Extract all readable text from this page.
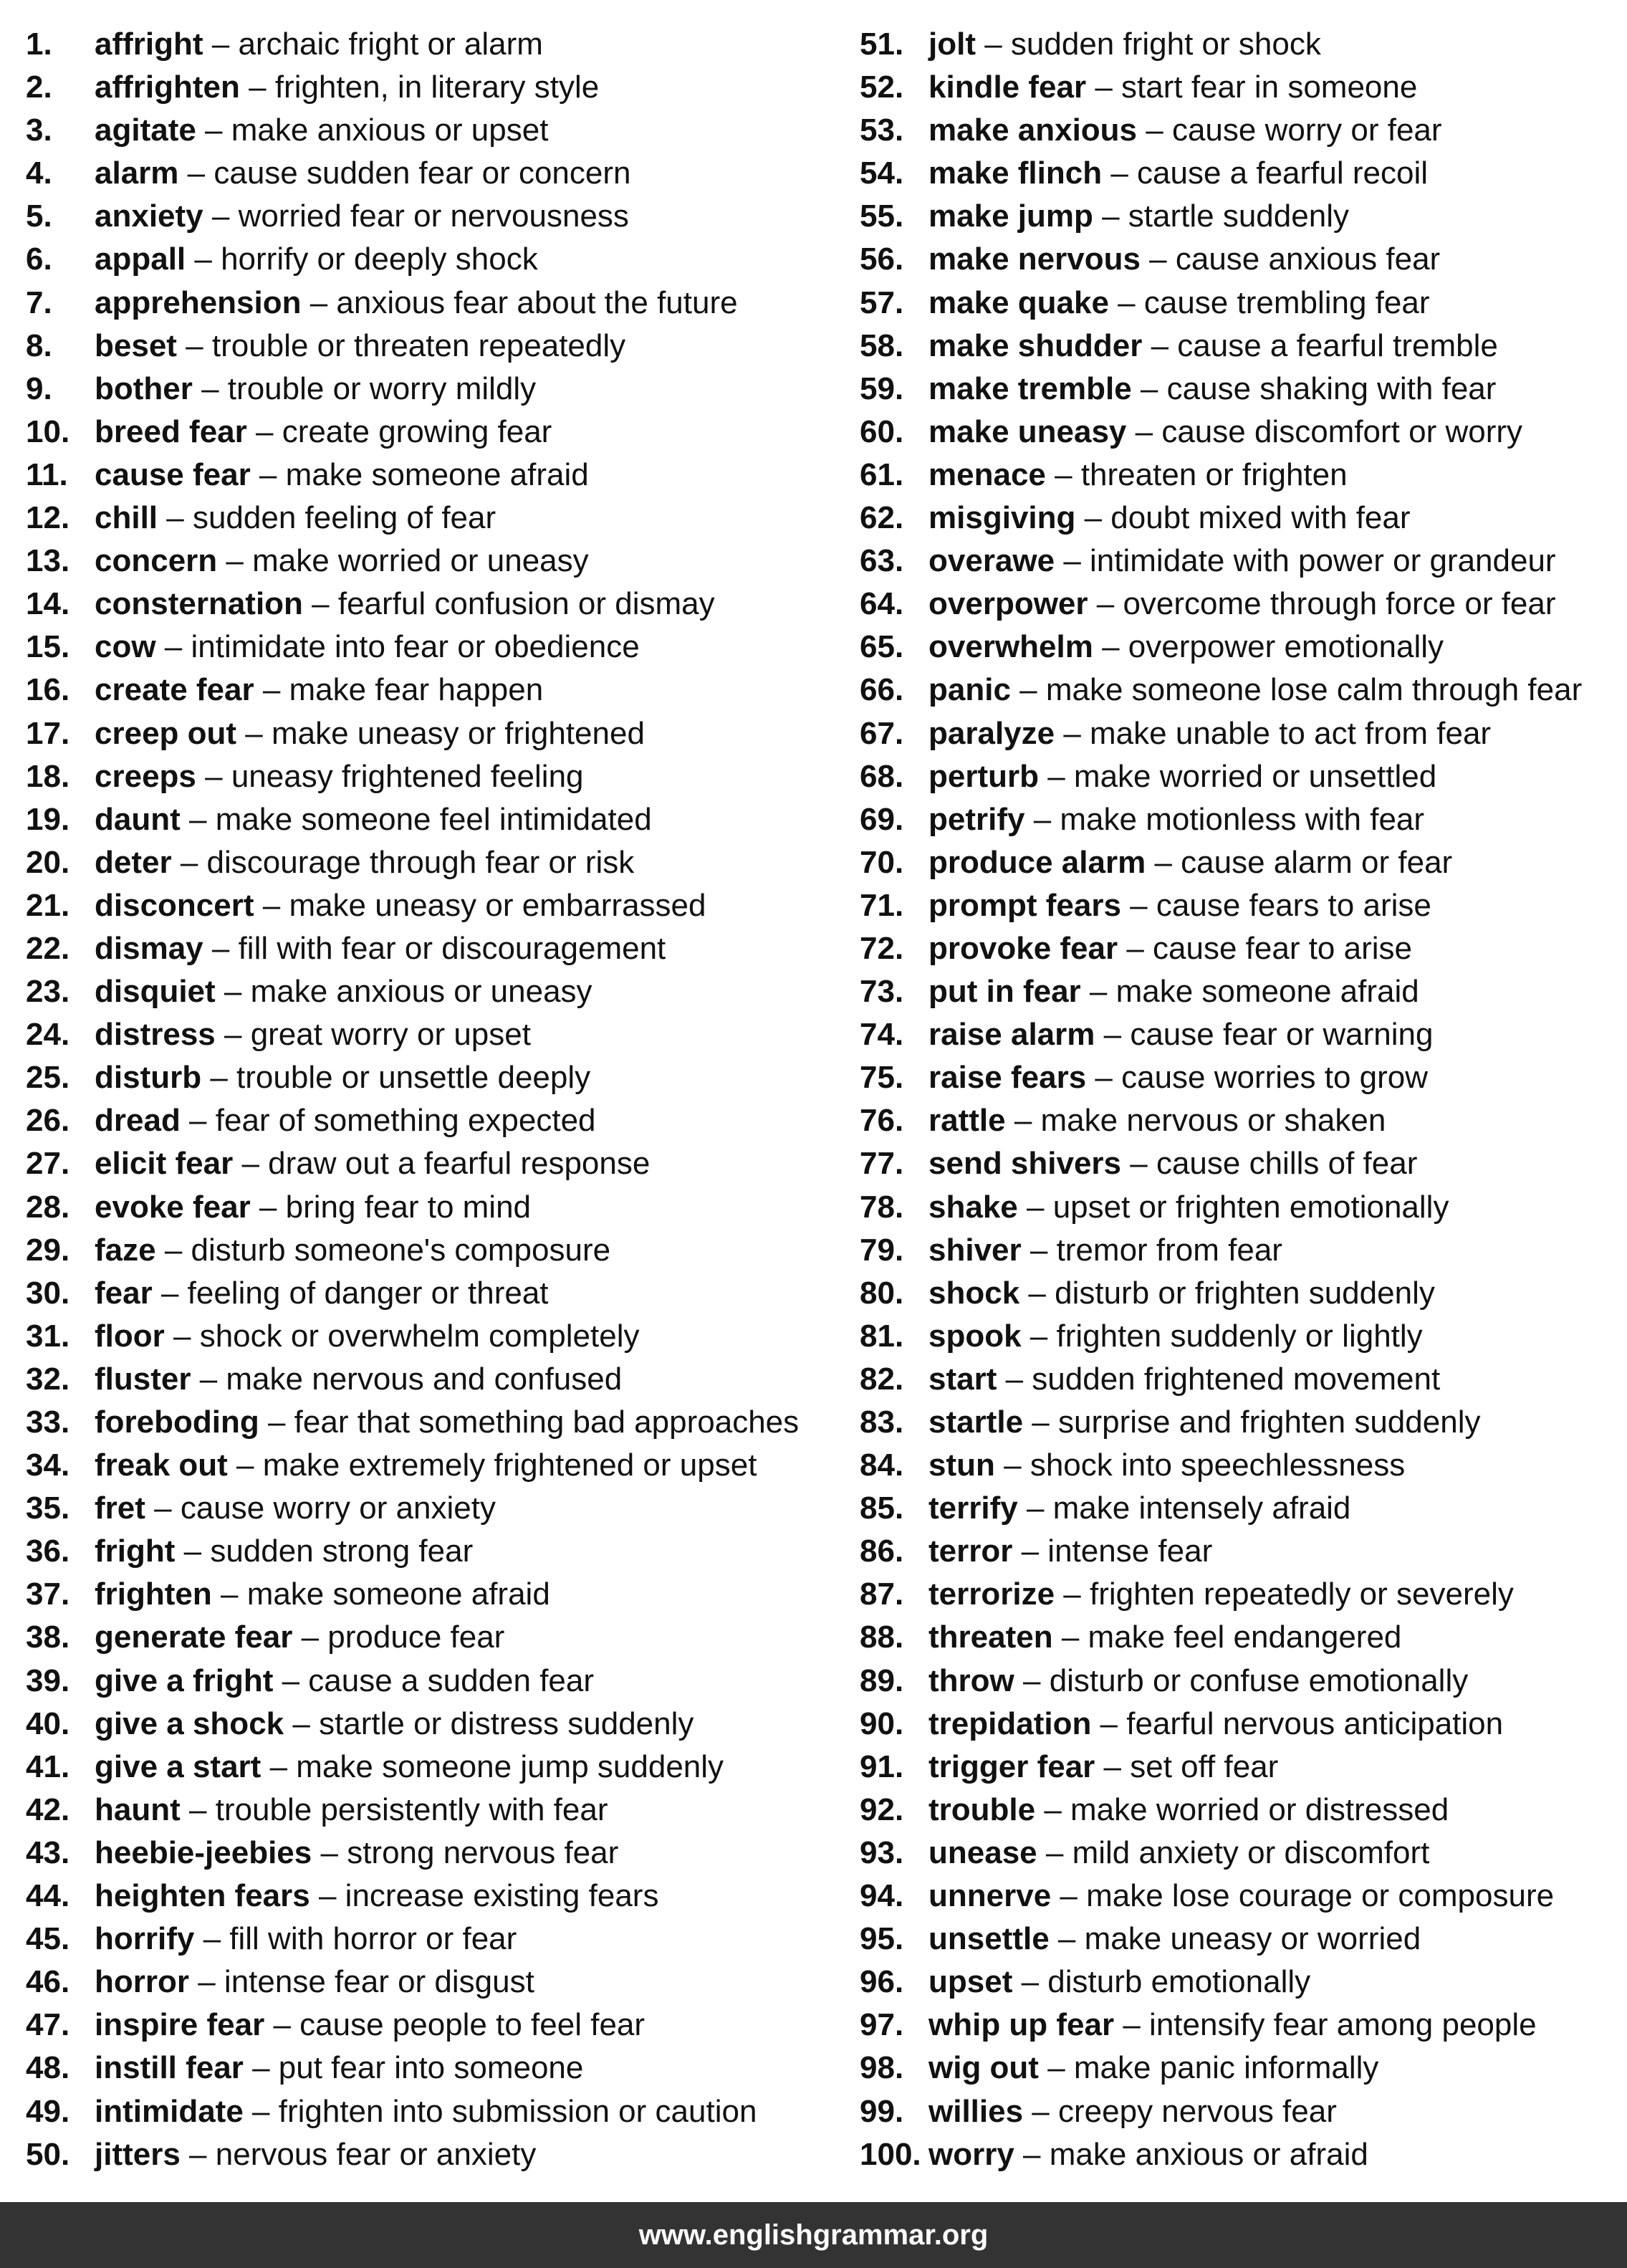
1. affright – archaic fright or alarm
2. affrighten – frighten, in literary style
3. agitate – make anxious or upset
4. alarm – cause sudden fear or concern
5. anxiety – worried fear or nervousness
6. appall – horrify or deeply shock
7. apprehension – anxious fear about the future
8. beset – trouble or threaten repeatedly
9. bother – trouble or worry mildly
10. breed fear – create growing fear
11. cause fear – make someone afraid
12. chill – sudden feeling of fear
13. concern – make worried or uneasy
14. consternation – fearful confusion or dismay
15. cow – intimidate into fear or obedience
16. create fear – make fear happen
17. creep out – make uneasy or frightened
18. creeps – uneasy frightened feeling
19. daunt – make someone feel intimidated
20. deter – discourage through fear or risk
21. disconcert – make uneasy or embarrassed
22. dismay – fill with fear or discouragement
23. disquiet – make anxious or uneasy
24. distress – great worry or upset
25. disturb – trouble or unsettle deeply
26. dread – fear of something expected
27. elicit fear – draw out a fearful response
28. evoke fear – bring fear to mind
29. faze – disturb someone's composure
30. fear – feeling of danger or threat
31. floor – shock or overwhelm completely
32. fluster – make nervous and confused
33. foreboding – fear that something bad approaches
34. freak out – make extremely frightened or upset
35. fret – cause worry or anxiety
36. fright – sudden strong fear
37. frighten – make someone afraid
38. generate fear – produce fear
39. give a fright – cause a sudden fear
40. give a shock – startle or distress suddenly
41. give a start – make someone jump suddenly
42. haunt – trouble persistently with fear
43. heebie-jeebies – strong nervous fear
44. heighten fears – increase existing fears
45. horrify – fill with horror or fear
46. horror – intense fear or disgust
47. inspire fear – cause people to feel fear
48. instill fear – put fear into someone
49. intimidate – frighten into submission or caution
50. jitters – nervous fear or anxiety
51. jolt – sudden fright or shock
52. kindle fear – start fear in someone
53. make anxious – cause worry or fear
54. make flinch – cause a fearful recoil
55. make jump – startle suddenly
56. make nervous – cause anxious fear
57. make quake – cause trembling fear
58. make shudder – cause a fearful tremble
59. make tremble – cause shaking with fear
60. make uneasy – cause discomfort or worry
61. menace – threaten or frighten
62. misgiving – doubt mixed with fear
63. overawe – intimidate with power or grandeur
64. overpower – overcome through force or fear
65. overwhelm – overpower emotionally
66. panic – make someone lose calm through fear
67. paralyze – make unable to act from fear
68. perturb – make worried or unsettled
69. petrify – make motionless with fear
70. produce alarm – cause alarm or fear
71. prompt fears – cause fears to arise
72. provoke fear – cause fear to arise
73. put in fear – make someone afraid
74. raise alarm – cause fear or warning
75. raise fears – cause worries to grow
76. rattle – make nervous or shaken
77. send shivers – cause chills of fear
78. shake – upset or frighten emotionally
79. shiver – tremor from fear
80. shock – disturb or frighten suddenly
81. spook – frighten suddenly or lightly
82. start – sudden frightened movement
83. startle – surprise and frighten suddenly
84. stun – shock into speechlessness
85. terrify – make intensely afraid
86. terror – intense fear
87. terrorize – frighten repeatedly or severely
88. threaten – make feel endangered
89. throw – disturb or confuse emotionally
90. trepidation – fearful nervous anticipation
91. trigger fear – set off fear
92. trouble – make worried or distressed
93. unease – mild anxiety or discomfort
94. unnerve – make lose courage or composure
95. unsettle – make uneasy or worried
96. upset – disturb emotionally
97. whip up fear – intensify fear among people
98. wig out – make panic informally
99. willies – creepy nervous fear
100. worry – make anxious or afraid
www.englishgrammar.org
